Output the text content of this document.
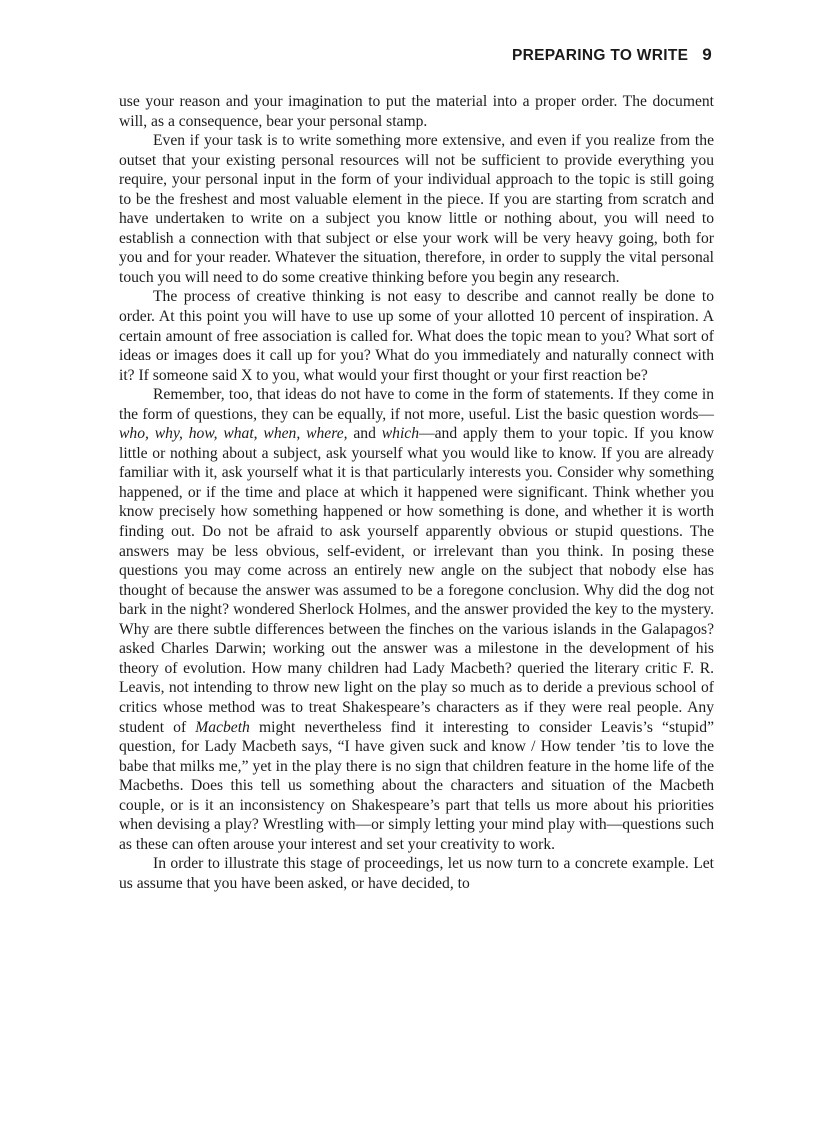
PREPARING TO WRITE 9

use your reason and your imagination to put the material into a proper order. The document will, as a consequence, bear your personal stamp.

Even if your task is to write something more extensive, and even if you realize from the outset that your existing personal resources will not be sufficient to provide everything you require, your personal input in the form of your individual approach to the topic is still going to be the freshest and most valuable element in the piece. If you are starting from scratch and have undertaken to write on a subject you know little or nothing about, you will need to establish a connection with that subject or else your work will be very heavy going, both for you and for your reader. Whatever the situation, therefore, in order to supply the vital personal touch you will need to do some creative thinking before you begin any research.

The process of creative thinking is not easy to describe and cannot really be done to order. At this point you will have to use up some of your allotted 10 percent of inspiration. A certain amount of free association is called for. What does the topic mean to you? What sort of ideas or images does it call up for you? What do you immediately and naturally connect with it? If someone said X to you, what would your first thought or your first reaction be?

Remember, too, that ideas do not have to come in the form of statements. If they come in the form of questions, they can be equally, if not more, useful. List the basic question words—who, why, how, what, when, where, and which—and apply them to your topic. If you know little or nothing about a subject, ask yourself what you would like to know. If you are already familiar with it, ask yourself what it is that particularly interests you. Consider why something happened, or if the time and place at which it happened were significant. Think whether you know precisely how something happened or how something is done, and whether it is worth finding out. Do not be afraid to ask yourself apparently obvious or stupid questions. The answers may be less obvious, self-evident, or irrelevant than you think. In posing these questions you may come across an entirely new angle on the subject that nobody else has thought of because the answer was assumed to be a foregone conclusion. Why did the dog not bark in the night? wondered Sherlock Holmes, and the answer provided the key to the mystery. Why are there subtle differences between the finches on the various islands in the Galapagos? asked Charles Darwin; working out the answer was a milestone in the development of his theory of evolution. How many children had Lady Macbeth? queried the literary critic F. R. Leavis, not intending to throw new light on the play so much as to deride a previous school of critics whose method was to treat Shakespeare’s characters as if they were real people. Any student of Macbeth might nevertheless find it interesting to consider Leavis’s “stupid” question, for Lady Macbeth says, “I have given suck and know / How tender ’tis to love the babe that milks me,” yet in the play there is no sign that children feature in the home life of the Macbeths. Does this tell us something about the characters and situation of the Macbeth couple, or is it an inconsistency on Shakespeare’s part that tells us more about his priorities when devising a play? Wrestling with—or simply letting your mind play with—questions such as these can often arouse your interest and set your creativity to work.

In order to illustrate this stage of proceedings, let us now turn to a concrete example. Let us assume that you have been asked, or have decided, to
